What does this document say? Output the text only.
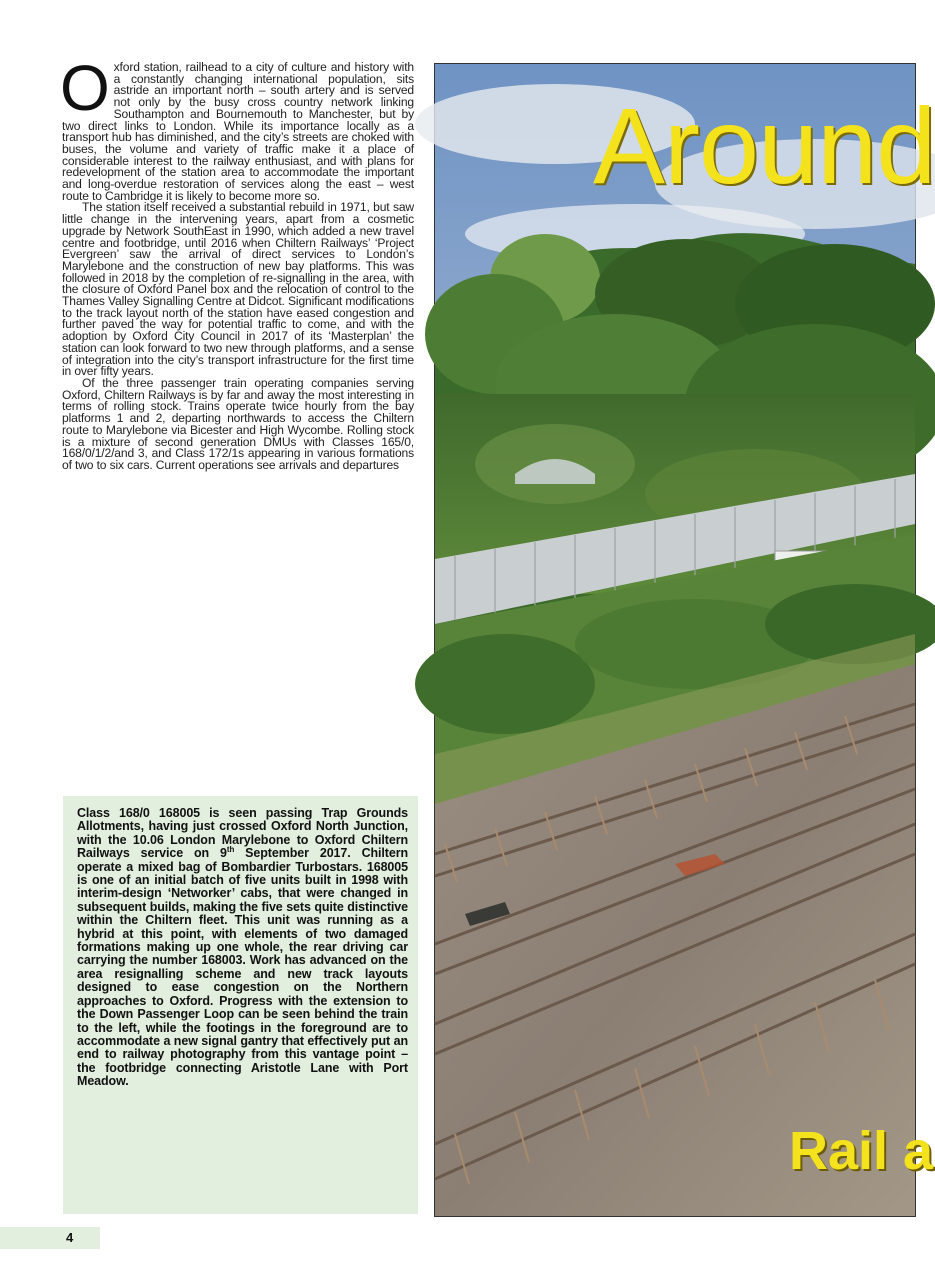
Oxford station, railhead to a city of culture and history with a constantly changing international population, sits astride an important north – south artery and is served not only by the busy cross country network linking Southampton and Bournemouth to Manchester, but by two direct links to London. While its importance locally as a transport hub has diminished, and the city’s streets are choked with buses, the volume and variety of traffic make it a place of considerable interest to the railway enthusiast, and with plans for redevelopment of the station area to accommodate the important and long-overdue restoration of services along the east – west route to Cambridge it is likely to become more so.

The station itself received a substantial rebuild in 1971, but saw little change in the intervening years, apart from a cosmetic upgrade by Network SouthEast in 1990, which added a new travel centre and footbridge, until 2016 when Chiltern Railways’ ‘Project Evergreen’ saw the arrival of direct services to London’s Marylebone and the construction of new bay platforms. This was followed in 2018 by the completion of re-signalling in the area, with the closure of Oxford Panel box and the relocation of control to the Thames Valley Signalling Centre at Didcot. Significant modifications to the track layout north of the station have eased congestion and further paved the way for potential traffic to come, and with the adoption by Oxford City Council in 2017 of its ‘Masterplan’ the station can look forward to two new through platforms, and a sense of integration into the city’s transport infrastructure for the first time in over fifty years.

Of the three passenger train operating companies serving Oxford, Chiltern Railways is by far and away the most interesting in terms of rolling stock. Trains operate twice hourly from the bay platforms 1 and 2, departing northwards to access the Chiltern route to Marylebone via Bicester and High Wycombe. Rolling stock is a mixture of second generation DMUs with Classes 165/0, 168/0/1/2/and 3, and Class 172/1s appearing in various formations of two to six cars. Current operations see arrivals and departures

Class 168/0 168005 is seen passing Trap Grounds Allotments, having just crossed Oxford North Junction, with the 10.06 London Marylebone to Oxford Chiltern Railways service on 9th September 2017. Chiltern operate a mixed bag of Bombardier Turbostars. 168005 is one of an initial batch of five units built in 1998 with interim-design ‘Networker’ cabs, that were changed in subsequent builds, making the five sets quite distinctive within the Chiltern fleet. This unit was running as a hybrid at this point, with elements of two damaged formations making up one whole, the rear driving car carrying the number 168003. Work has advanced on the area resignalling scheme and new track layouts designed to ease congestion on the Northern approaches to Oxford. Progress with the extension to the Down Passenger Loop can be seen behind the train to the left, while the footings in the foreground are to accommodate a new signal gantry that effectively put an end to railway photography from this vantage point – the footbridge connecting Aristotle Lane with Port Meadow.
Around
Rail a
4
